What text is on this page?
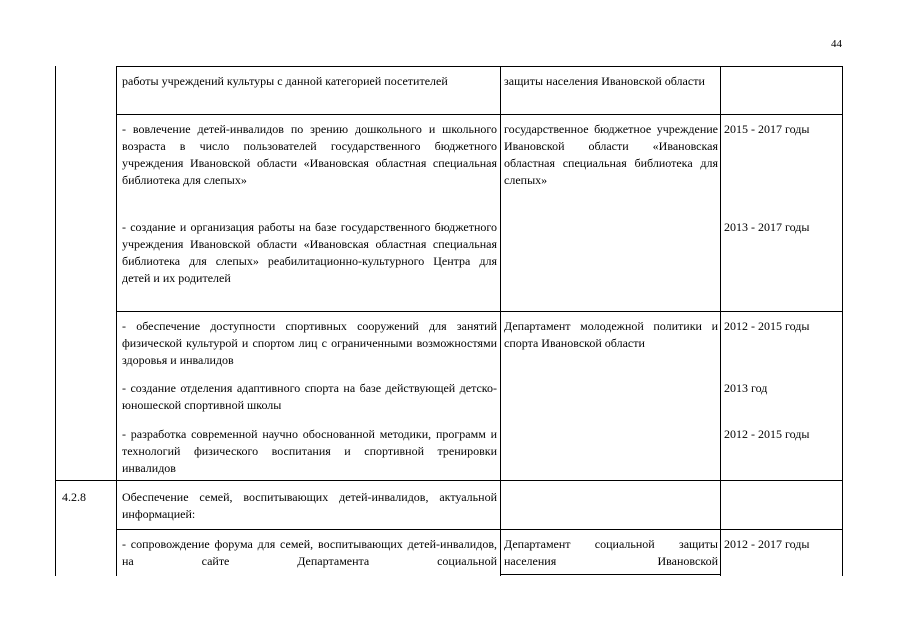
44
работы учреждений культуры с данной категорией посетителей	защиты населения Ивановской области
- вовлечение детей-инвалидов по зрению дошкольного и школьного возраста в число пользователей государственного бюджетного учреждения Ивановской области «Ивановская областная специальная библиотека для слепых»
государственное бюджетное учреждение Ивановской области «Ивановская областная специальная библиотека для слепых»
2015 - 2017 годы
- создание и организация работы на базе государственного бюджетного учреждения Ивановской области «Ивановская областная специальная библиотека для слепых» реабилитационно-культурного Центра для детей и их родителей
2013 - 2017 годы
- обеспечение доступности спортивных сооружений для занятий физической культурой и спортом лиц с ограниченными возможностями здоровья и инвалидов
Департамент молодежной политики и спорта Ивановской области
2012 - 2015 годы
- создание отделения адаптивного спорта на базе действующей детско-юношеской спортивной школы
2013 год
- разработка современной научно обоснованной методики, программ и технологий физического воспитания и спортивной тренировки инвалидов
2012 - 2015 годы
4.2.8	Обеспечение семей, воспитывающих детей-инвалидов, актуальной информацией:
- сопровождение форума для семей, воспитывающих детей-инвалидов, на сайте Департамента социальной
Департамент социальной защиты населения Ивановской
2012 - 2017 годы
